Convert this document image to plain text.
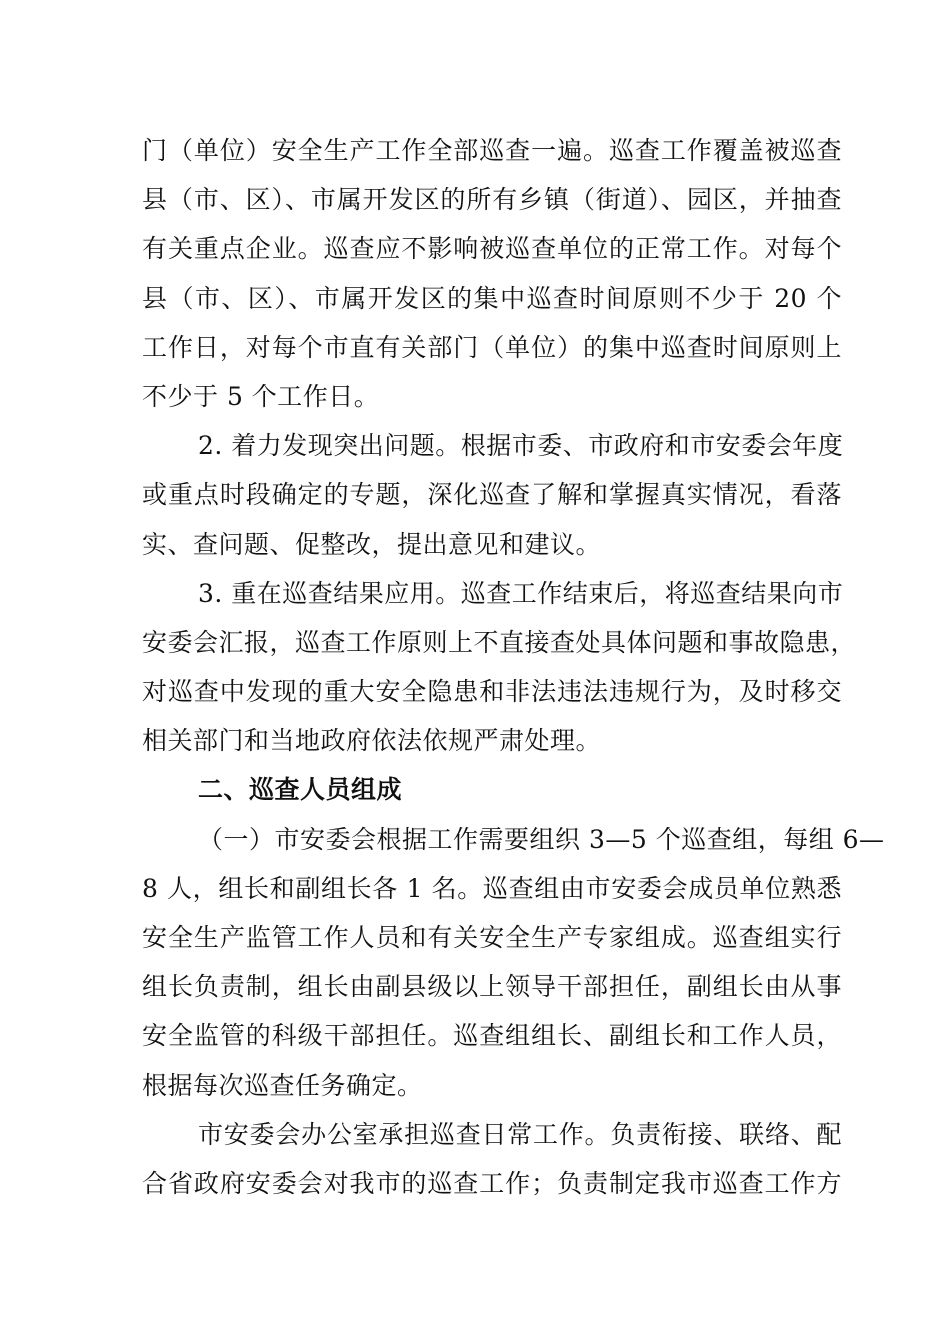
门（单位）安全生产工作全部巡查一遍。巡查工作覆盖被巡查
县（市、区）、市属开发区的所有乡镇（街道）、园区，并抽查
有关重点企业。巡查应不影响被巡查单位的正常工作。对每个
县（市、区）、市属开发区的集中巡查时间原则不少于 20 个
工作日，对每个市直有关部门（单位）的集中巡查时间原则上
不少于 5 个工作日。
2. 着力发现突出问题。根据市委、市政府和市安委会年度
或重点时段确定的专题，深化巡查了解和掌握真实情况，看落
实、查问题、促整改，提出意见和建议。
3. 重在巡查结果应用。巡查工作结束后，将巡查结果向市
安委会汇报，巡查工作原则上不直接查处具体问题和事故隐患，
对巡查中发现的重大安全隐患和非法违法违规行为，及时移交
相关部门和当地政府依法依规严肃处理。
二、巡查人员组成
（一）市安委会根据工作需要组织 3—5 个巡查组，每组 6—
8 人，组长和副组长各 1 名。巡查组由市安委会成员单位熟悉
安全生产监管工作人员和有关安全生产专家组成。巡查组实行
组长负责制，组长由副县级以上领导干部担任，副组长由从事
安全监管的科级干部担任。巡查组组长、副组长和工作人员，
根据每次巡查任务确定。
市安委会办公室承担巡查日常工作。负责衔接、联络、配
合省政府安委会对我市的巡查工作；负责制定我市巡查工作方
